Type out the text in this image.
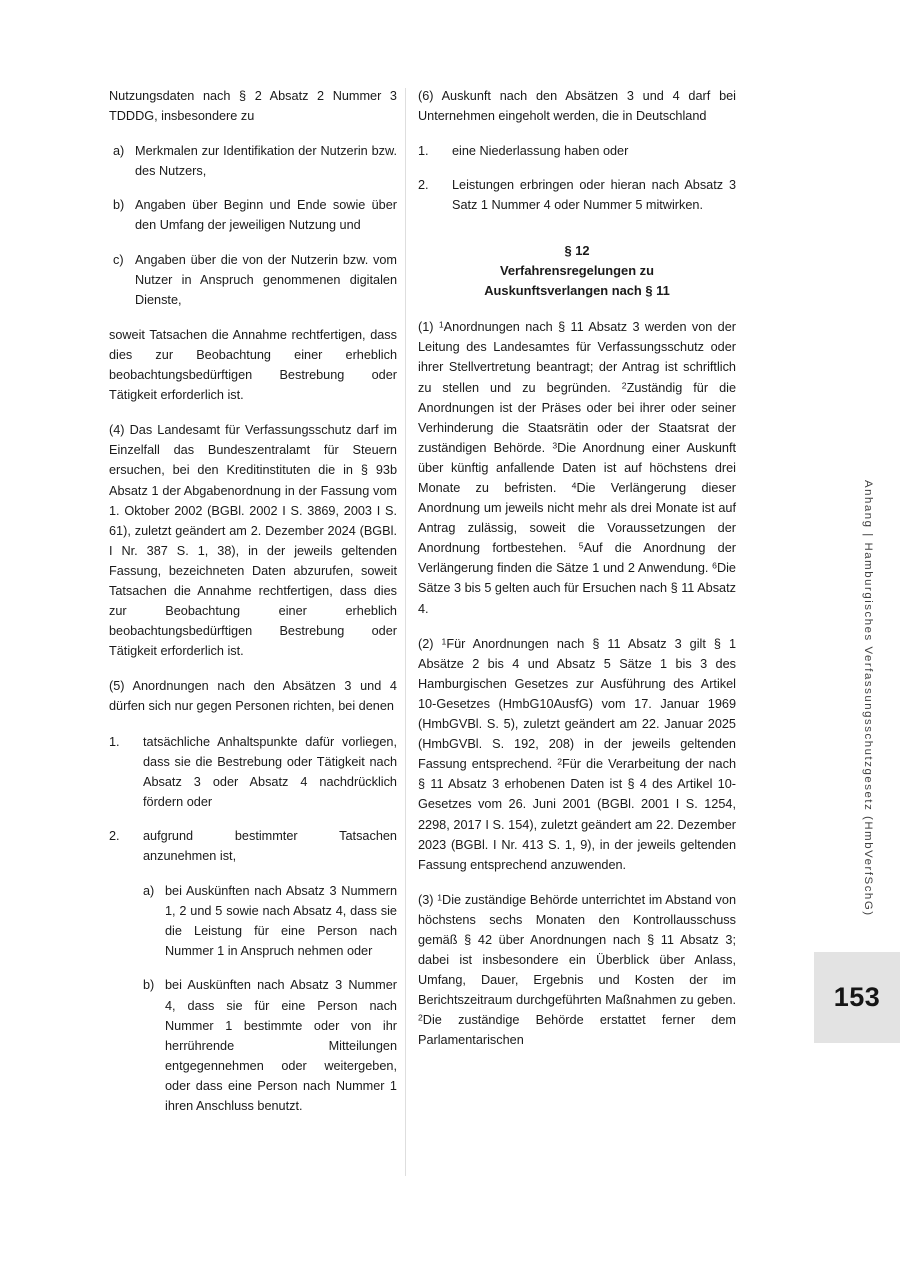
Nutzungsdaten nach § 2 Absatz 2 Nummer 3 TDDDG, insbesondere zu

a) Merkmalen zur Identifikation der Nutzerin bzw. des Nutzers,
b) Angaben über Beginn und Ende sowie über den Umfang der jeweiligen Nutzung und
c) Angaben über die von der Nutzerin bzw. vom Nutzer in Anspruch genommenen digitalen Dienste,

soweit Tatsachen die Annahme rechtfertigen, dass dies zur Beobachtung einer erheblich beobachtungsbedürftigen Bestrebung oder Tätigkeit erforderlich ist.

(4) Das Landesamt für Verfassungsschutz darf im Einzelfall das Bundeszentralamt für Steuern ersuchen, bei den Kreditinstituten die in § 93b Absatz 1 der Abgabenordnung in der Fassung vom 1. Oktober 2002 (BGBl. 2002 I S. 3869, 2003 I S. 61), zuletzt geändert am 2. Dezember 2024 (BGBl. I Nr. 387 S. 1, 38), in der jeweils geltenden Fassung, bezeichneten Daten abzurufen, soweit Tatsachen die Annahme rechtfertigen, dass dies zur Beobachtung einer erheblich beobachtungsbedürftigen Bestrebung oder Tätigkeit erforderlich ist.

(5) Anordnungen nach den Absätzen 3 und 4 dürfen sich nur gegen Personen richten, bei denen

1. tatsächliche Anhaltspunkte dafür vorliegen, dass sie die Bestrebung oder Tätigkeit nach Absatz 3 oder Absatz 4 nachdrücklich fördern oder
2. aufgrund bestimmter Tatsachen anzunehmen ist,
a) bei Auskünften nach Absatz 3 Nummern 1, 2 und 5 sowie nach Absatz 4, dass sie die Leistung für eine Person nach Nummer 1 in Anspruch nehmen oder
b) bei Auskünften nach Absatz 3 Nummer 4, dass sie für eine Person nach Nummer 1 bestimmte oder von ihr herrührende Mitteilungen entgegennehmen oder weitergeben, oder dass eine Person nach Nummer 1 ihren Anschluss benutzt.

(6) Auskunft nach den Absätzen 3 und 4 darf bei Unternehmen eingeholt werden, die in Deutschland

1. eine Niederlassung haben oder
2. Leistungen erbringen oder hieran nach Absatz 3 Satz 1 Nummer 4 oder Nummer 5 mitwirken.
§ 12
Verfahrensregelungen zu
Auskunftsverlangen nach § 11

(1) $^1$Anordnungen nach § 11 Absatz 3 werden von der Leitung des Landesamtes für Verfassungsschutz oder ihrer Stellvertretung beantragt; der Antrag ist schriftlich zu stellen und zu begründen. $^2$Zuständig für die Anordnungen ist der Präses oder bei ihrer oder seiner Verhinderung die Staatsrätin oder der Staatsrat der zuständigen Behörde. $^3$Die Anordnung einer Auskunft über künftig anfallende Daten ist auf höchstens drei Monate zu befristen. $^4$Die Verlängerung dieser Anordnung um jeweils nicht mehr als drei Monate ist auf Antrag zulässig, soweit die Voraussetzungen der Anordnung fortbestehen. $^5$Auf die Anordnung der Verlängerung finden die Sätze 1 und 2 Anwendung. $^6$Die Sätze 3 bis 5 gelten auch für Ersuchen nach § 11 Absatz 4.

(2) $^1$Für Anordnungen nach § 11 Absatz 3 gilt § 1 Absätze 2 bis 4 und Absatz 5 Sätze 1 bis 3 des Hamburgischen Gesetzes zur Ausführung des Artikel 10-Gesetzes (HmbG10AusfG) vom 17. Januar 1969 (HmbGVBl. S. 5), zuletzt geändert am 22. Januar 2025 (HmbGVBl. S. 192, 208) in der jeweils geltenden Fassung entsprechend. $^2$Für die Verarbeitung der nach § 11 Absatz 3 erhobenen Daten ist § 4 des Artikel 10-Gesetzes vom 26. Juni 2001 (BGBl. 2001 I S. 1254, 2298, 2017 I S. 154), zuletzt geändert am 22. Dezember 2023 (BGBl. I Nr. 413 S. 1, 9), in der jeweils geltenden Fassung entsprechend anzuwenden.

(3) $^1$Die zuständige Behörde unterrichtet im Abstand von höchstens sechs Monaten den Kontrollausschuss gemäß § 42 über Anordnungen nach § 11 Absatz 3; dabei ist insbesondere ein Überblick über Anlass, Umfang, Dauer, Ergebnis und Kosten der im Berichtszeitraum durchgeführten Maßnahmen zu geben. $^2$Die zuständige Behörde erstattet ferner dem Parlamentarischen

Anhang | Hamburgisches Verfassungsschutzgesetz (HmbVerfSchG)
153
